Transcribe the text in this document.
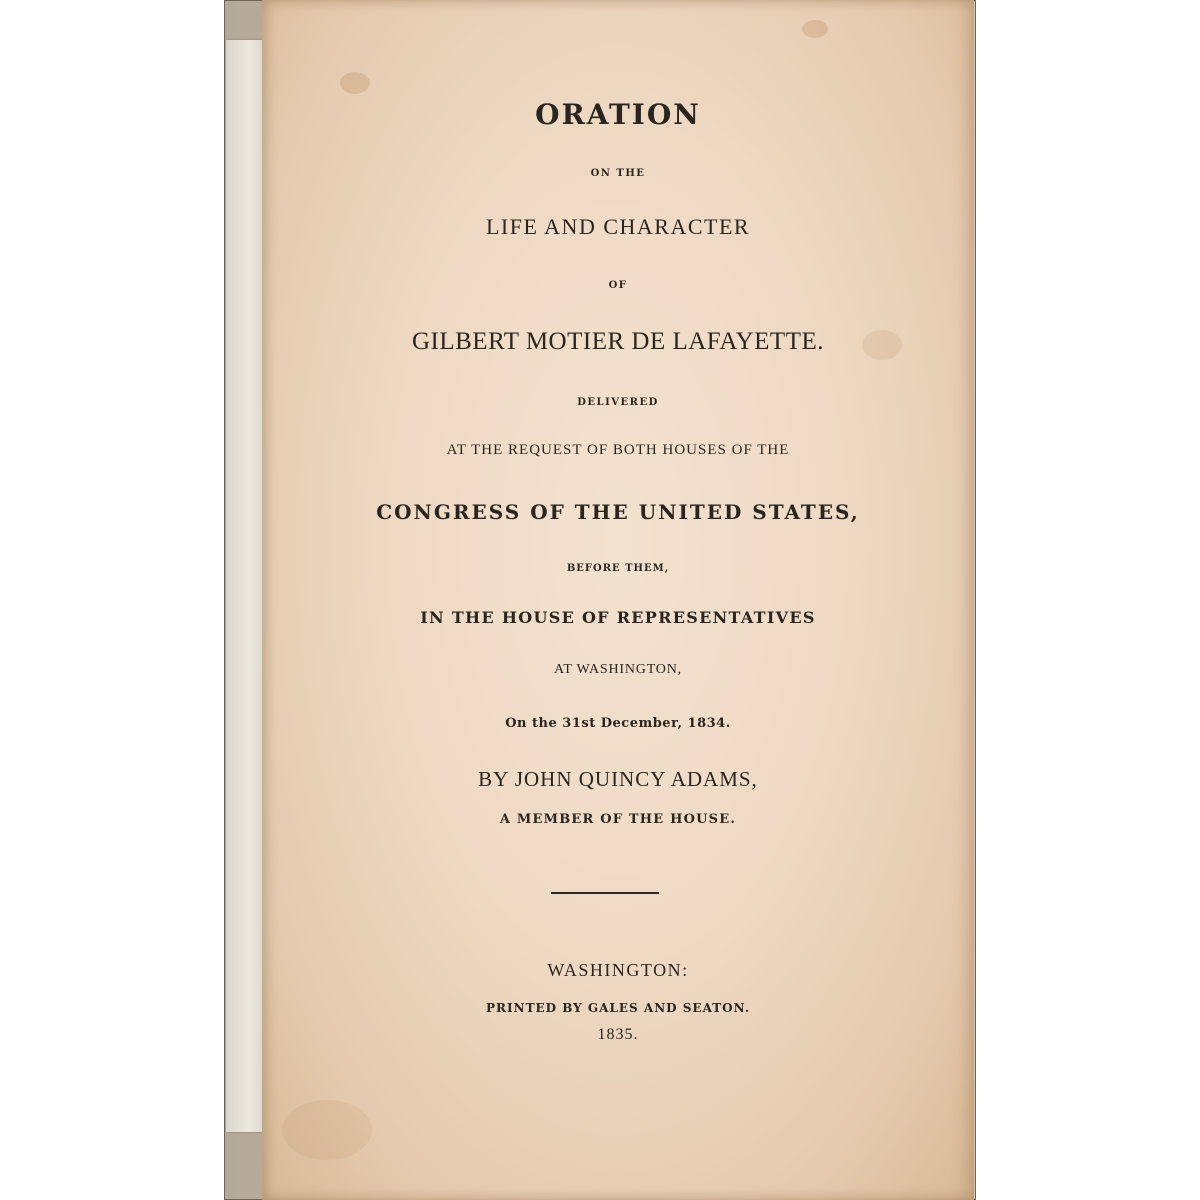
ORATION
ON THE
LIFE AND CHARACTER
OF
GILBERT MOTIER DE LAFAYETTE.
DELIVERED
AT THE REQUEST OF BOTH HOUSES OF THE
CONGRESS OF THE UNITED STATES,
BEFORE THEM,
IN THE HOUSE OF REPRESENTATIVES
AT WASHINGTON,
On the 31st December, 1834.
BY JOHN QUINCY ADAMS,
A MEMBER OF THE HOUSE.
WASHINGTON:
PRINTED BY GALES AND SEATON.
1835.
